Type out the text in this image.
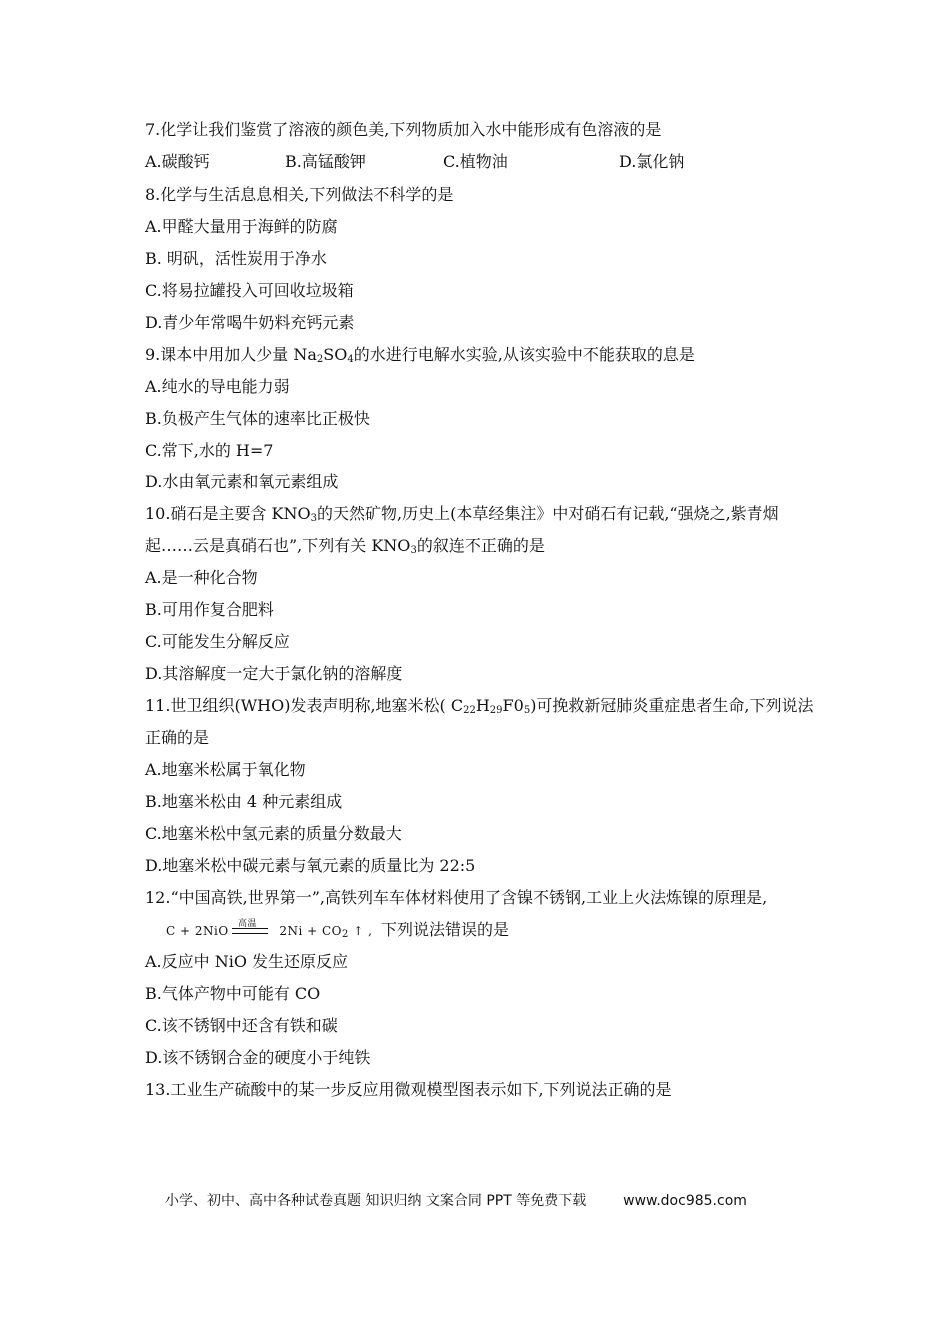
7.化学让我们鉴赏了溶液的颜色美,下列物质加入水中能形成有色溶液的是
A.碳酸钙	B.高锰酸钾	C.植物油	D.氯化钠
8.化学与生活息息相关,下列做法不科学的是
A.甲醛大量用于海鲜的防腐
B. 明矾，活性炭用于净水
C.将易拉罐投入可回收垃圾箱
D.青少年常喝牛奶料充钙元素
9.课本中用加人少量 $Na_2SO_4$的水进行电解水实验,从该实验中不能获取的息是
A.纯水的导电能力弱
B.负极产生气体的速率比正极快
C.常下,水的 H=7
D.水由氧元素和氧元素组成
10.硝石是主要含 $KNO_3$的天然矿物,历史上(本草经集注》中对硝石有记载,“强烧之,紫青烟
起……云是真硝石也”,下列有关 $KNO_3$的叙连不正确的是
A.是一种化合物
B.可用作复合肥料
C.可能发生分解反应
D.其溶解度一定大于氯化钠的溶解度
11.世卫组织(WHO)发表声明称,地塞米松( $C_{22}H_{29}F0_5$)可挽救新冠肺炎重症患者生命,下列说法
正确的是
A.地塞米松属于氧化物
B.地塞米松由 4 种元素组成
C.地塞米松中氢元素的质量分数最大
D.地塞米松中碳元素与氧元素的质量比为 22:5
12.“中国高铁,世界第一”,高铁列车车体材料使用了含镍不锈钢,工业上火法炼镍的原理是,
C + 2NiO 高温 $2Ni + CO_2$ ↑ , 下列说法错误的是
A.反应中 NiO 发生还原反应
B.气体产物中可能有 CO
C.该不锈钢中还含有铁和碳
D.该不锈钢合金的硬度小于纯铁
13.工业生产硫酸中的某一步反应用微观模型图表示如下,下列说法正确的是
小学、初中、高中各种试卷真题 知识归纳 文案合同 PPT 等免费下载	www.doc985.com
